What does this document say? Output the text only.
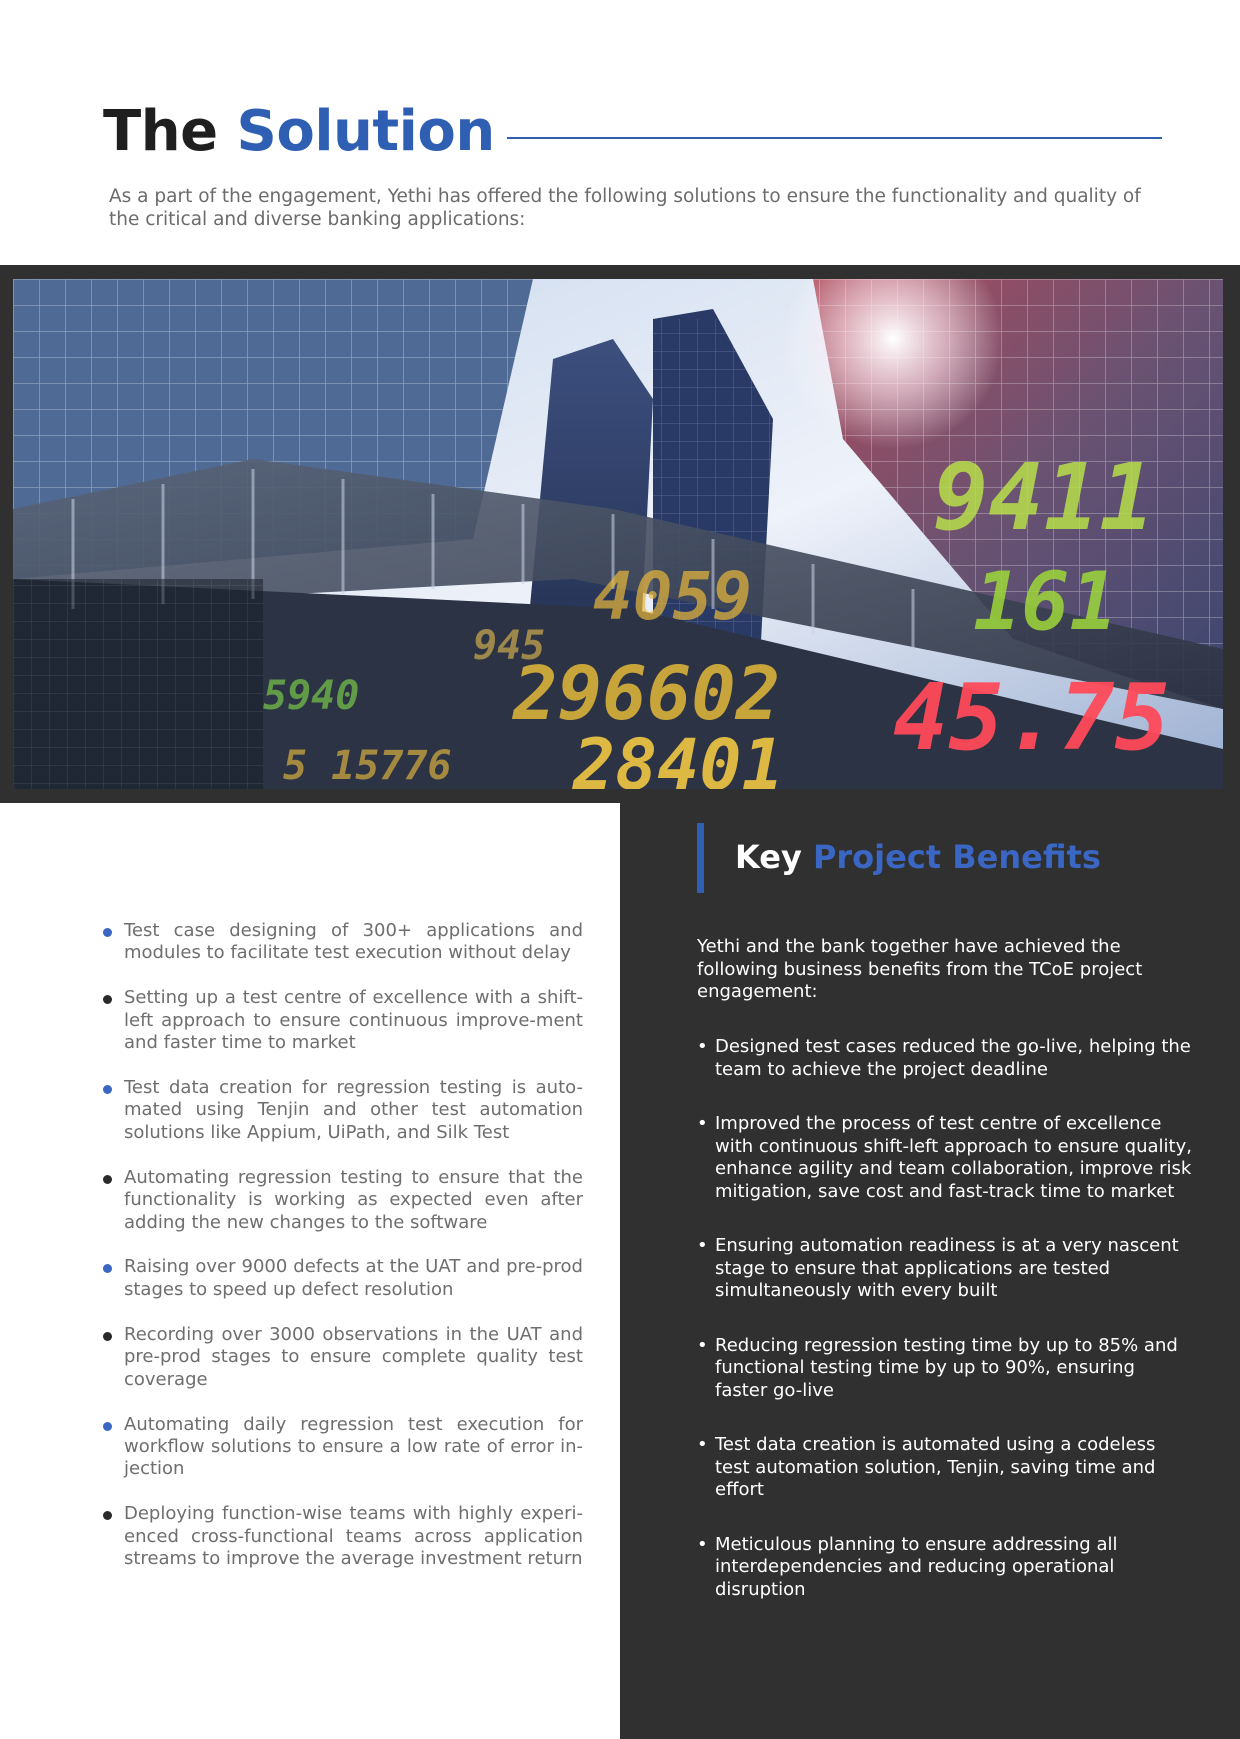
The Solution

As a part of the engagement, Yethi has offered the following solutions to ensure the functionality and quality of the critical and diverse banking applications:

9411
161
45.75
296602
4059
945
5940
5 15776 28401
Test case designing of 300+ applications and modules to facilitate test execution without delay
Setting up a test centre of excellence with a shift-left approach to ensure continuous improve-ment and faster time to market
Test data creation for regression testing is auto-mated using Tenjin and other test automation solutions like Appium, UiPath, and Silk Test
Automating regression testing to ensure that the functionality is working as expected even after adding the new changes to the software
Raising over 9000 defects at the UAT and pre-prod stages to speed up defect resolution
Recording over 3000 observations in the UAT and pre-prod stages to ensure complete quality test coverage
Automating daily regression test execution for workflow solutions to ensure a low rate of error in-jection
Deploying function-wise teams with highly experi-enced cross-functional teams across application streams to improve the average investment return
Key Project Benefits

Yethi and the bank together have achieved the following business benefits from the TCoE project engagement:

• Designed test cases reduced the go-live, helping the team to achieve the project deadline
• Improved the process of test centre of excellence with continuous shift-left approach to ensure quality, enhance agility and team collaboration, improve risk mitigation, save cost and fast-track time to market
• Ensuring automation readiness is at a very nascent stage to ensure that applications are tested simultaneously with every built
• Reducing regression testing time by up to 85% and functional testing time by up to 90%, ensuring faster go-live
• Test data creation is automated using a codeless test automation solution, Tenjin, saving time and effort
• Meticulous planning to ensure addressing all interdependencies and reducing operational disruption
